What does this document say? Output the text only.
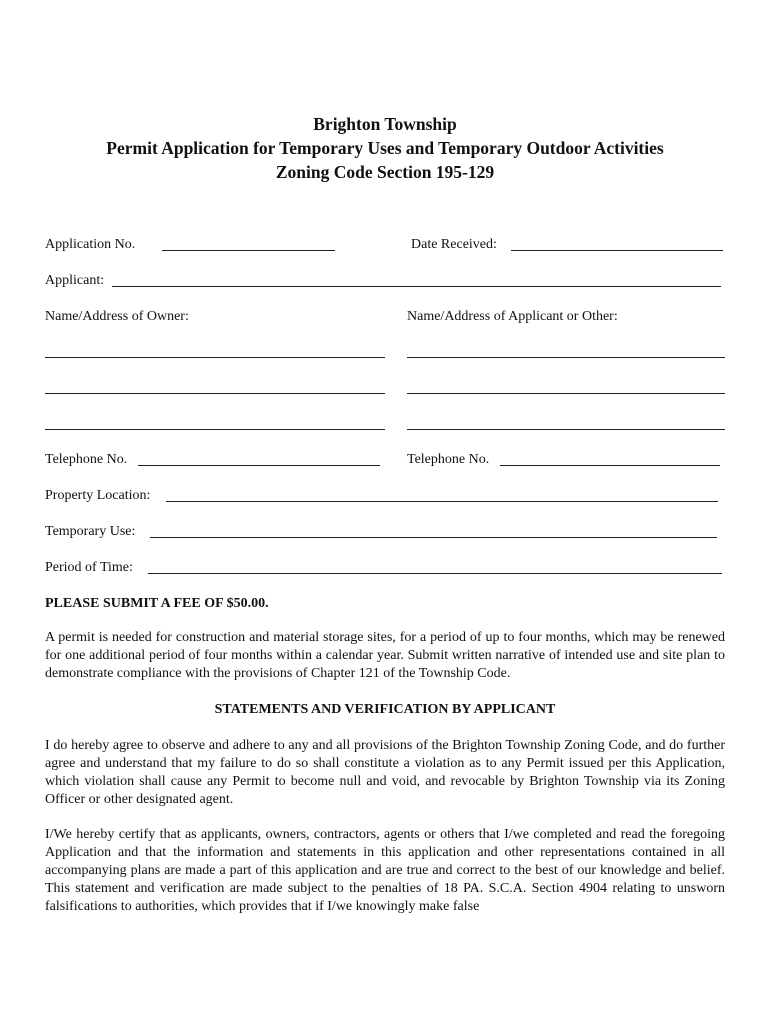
Brighton Township
Permit Application for Temporary Uses and Temporary Outdoor Activities
Zoning Code Section 195-129
Application No.	Date Received:
Applicant:
Name/Address of Owner:	Name/Address of Applicant or Other:
Telephone No.	Telephone No.
Property Location:
Temporary Use:
Period of Time:
PLEASE SUBMIT A FEE OF $50.00.

A permit is needed for construction and material storage sites, for a period of up to four months, which may be renewed for one additional period of four months within a calendar year. Submit written narrative of intended use and site plan to demonstrate compliance with the provisions of Chapter 121 of the Township Code.

STATEMENTS AND VERIFICATION BY APPLICANT

I do hereby agree to observe and adhere to any and all provisions of the Brighton Township Zoning Code, and do further agree and understand that my failure to do so shall constitute a violation as to any Permit issued per this Application, which violation shall cause any Permit to become null and void, and revocable by Brighton Township via its Zoning Officer or other designated agent.

I/We hereby certify that as applicants, owners, contractors, agents or others that I/we completed and read the foregoing Application and that the information and statements in this application and other representations contained in all accompanying plans are made a part of this application and are true and correct to the best of our knowledge and belief. This statement and verification are made subject to the penalties of 18 PA. S.C.A. Section 4904 relating to unsworn falsifications to authorities, which provides that if I/we knowingly make false
